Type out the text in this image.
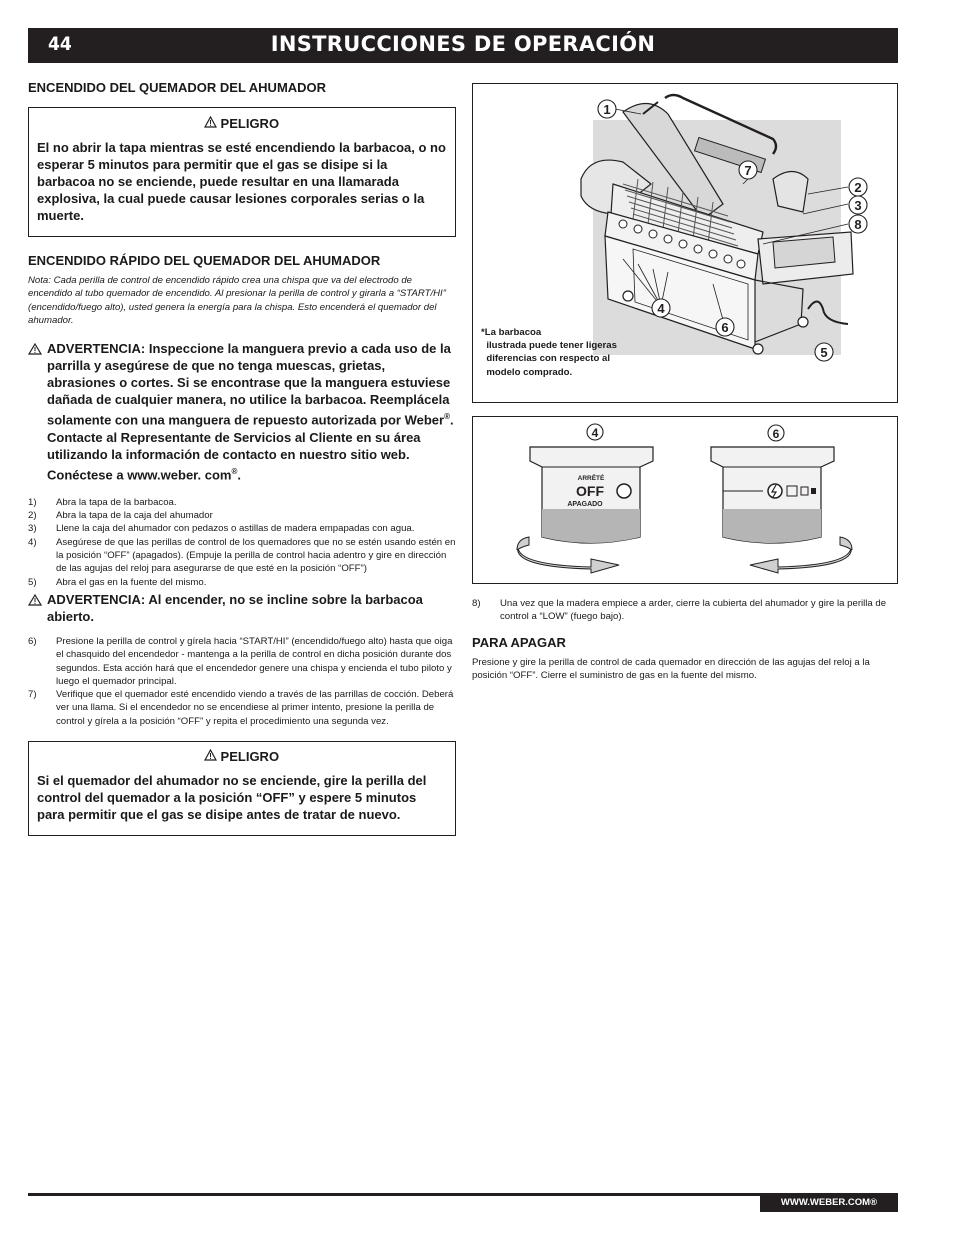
44	INSTRUCCIONES DE OPERACIÓN
ENCENDIDO DEL QUEMADOR DEL AHUMADOR
PELIGRO
El no abrir la tapa mientras se esté encendiendo la barbacoa, o no esperar 5 minutos para permitir que el gas se disipe si la barbacoa no se enciende, puede resultar en una llamarada explosiva, la cual puede causar lesiones corporales serias o la muerte.
ENCENDIDO RÁPIDO DEL QUEMADOR DEL AHUMADOR

Nota: Cada perilla de control de encendido rápido crea una chispa que va del electrodo de encendido al tubo quemador de encendido. Al presionar la perilla de control y girarla a “START/HI” (encendido/fuego alto), usted genera la energía para la chispa. Esto encenderá el quemador del ahumador.

ADVERTENCIA: Inspeccione la manguera previo a cada uso de la parrilla y asegúrese de que no tenga muescas, grietas, abrasiones o cortes. Si se encontrase que la manguera estuviese dañada de cualquier manera, no utilice la barbacoa. Reemplácela solamente con una manguera de repuesto autorizada por Weber®. Contacte al Representante de Servicios al Cliente en su área utilizando la información de contacto en nuestro sitio web. Conéctese a www.weber. com®.
1) Abra la tapa de la barbacoa.
2) Abra la tapa de la caja del ahumador
3) Llene la caja del ahumador con pedazos o astillas de madera empapadas con agua.
4) Asegúrese de que las perillas de control de los quemadores que no se estén usando estén en la posición “OFF” (apagados). (Empuje la perilla de control hacia adentro y gire en dirección de las agujas del reloj para asegurarse de que esté en la posición “OFF”)
5) Abra el gas en la fuente del mismo.
ADVERTENCIA: Al encender, no se incline sobre la barbacoa abierto.
6) Presione la perilla de control y gírela hacia “START/HI” (encendido/fuego alto) hasta que oiga el chasquido del encendedor - mantenga a la perilla de control en dicha posición durante dos segundos. Esta acción hará que el encendedor genere una chispa y encienda el tubo piloto y luego el quemador principal.
7) Verifique que el quemador esté encendido viendo a través de las parrillas de cocción. Deberá ver una llama. Si el encendedor no se encendiese al primer intento, presione la perilla de control y gírela a la posición “OFF” y repita el procedimiento una segunda vez.
PELIGRO
Si el quemador del ahumador no se enciende, gire la perilla del control del quemador a la posición “OFF” y espere 5 minutos para permitir que el gas se disipe antes de tratar de nuevo.
1
7
2
3
8
4
6
5
*La barbacoa
ilustrada puede tener ligeras
diferencias con respecto al
modelo comprado.
4	6
ARRÊTÉ
OFF
APAGADO
8) Una vez que la madera empiece a arder, cierre la cubierta del ahumador y gire la perilla de control a “LOW” (fuego bajo).
PARA APAGAR

Presione y gire la perilla de control de cada quemador en dirección de las agujas del reloj a la posición “OFF”. Cierre el suministro de gas en la fuente del mismo.

WWW.WEBER.COM®
